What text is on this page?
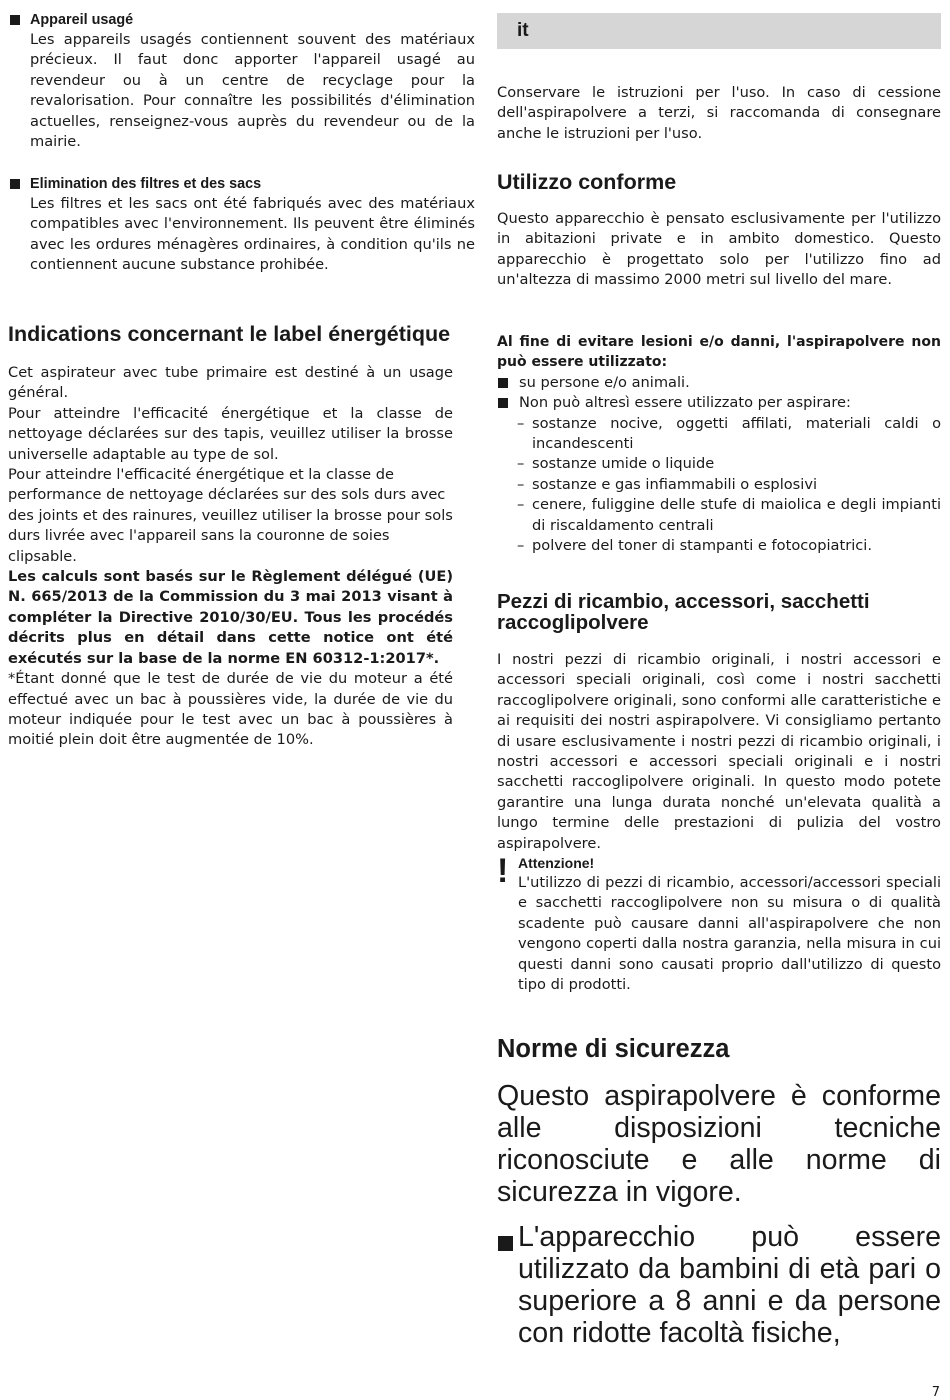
Appareil usagé

Les appareils usagés contiennent souvent des matériaux précieux. Il faut donc apporter l'appareil usagé au revendeur ou à un centre de recyclage pour la revalorisation. Pour connaître les possibilités d'élimination actuelles, renseignez-vous auprès du revendeur ou de la mairie.

Elimination des filtres et des sacs

Les filtres et les sacs ont été fabriqués avec des matériaux compatibles avec l'environnement. Ils peuvent être éliminés avec les ordures ménagères ordinaires, à condition qu'ils ne contiennent aucune substance prohibée.

Indications concernant le label énergétique

Cet aspirateur avec tube primaire est destiné à un usage général.

Pour atteindre l'efficacité énergétique et la classe de nettoyage déclarées sur des tapis, veuillez utiliser la brosse universelle adaptable au type de sol.

Pour atteindre l'efficacité énergétique et la classe de performance de nettoyage déclarées sur des sols durs avec des joints et des rainures, veuillez utiliser la brosse pour sols durs livrée avec l'appareil sans la couronne de soies clipsable.

Les calculs sont basés sur le Règlement délégué (UE) N. 665/2013 de la Commission du 3 mai 2013 visant à compléter la Directive 2010/30/EU. Tous les procédés décrits plus en détail dans cette notice ont été exécutés sur la base de la norme EN 60312-1:2017*.

*Étant donné que le test de durée de vie du moteur a été effectué avec un bac à poussières vide, la durée de vie du moteur indiquée pour le test avec un bac à poussières à moitié plein doit être augmentée de 10%.

it

Conservare le istruzioni per l'uso. In caso di cessione dell'aspirapolvere a terzi, si raccomanda di consegnare anche le istruzioni per l'uso.

Utilizzo conforme

Questo apparecchio è pensato esclusivamente per l'utilizzo in abitazioni private e in ambito domestico. Questo apparecchio è progettato solo per l'utilizzo fino ad un'altezza di massimo 2000 metri sul livello del mare.

Al fine di evitare lesioni e/o danni, l'aspirapolvere non può essere utilizzato:

su persone e/o animali.
Non può altresì essere utilizzato per aspirare:
– sostanze nocive, oggetti affilati, materiali caldi o incandescenti
– sostanze umide o liquide
– sostanze e gas infiammabili o esplosivi
– cenere, fuliggine delle stufe di maiolica e degli impianti di riscaldamento centrali
– polvere del toner di stampanti e fotocopiatrici.
Pezzi di ricambio, accessori, sacchetti raccoglipolvere

I nostri pezzi di ricambio originali, i nostri accessori e accessori speciali originali, così come i nostri sacchetti raccoglipolvere originali, sono conformi alle caratteristiche e ai requisiti dei nostri aspirapolvere. Vi consigliamo pertanto di usare esclusivamente i nostri pezzi di ricambio originali, i nostri accessori e accessori speciali originali e i nostri sacchetti raccoglipolvere originali. In questo modo potete garantire una lunga durata nonché un'elevata qualità a lungo termine delle prestazioni di pulizia del vostro aspirapolvere.

! Attenzione!

L'utilizzo di pezzi di ricambio, accessori/accessori speciali e sacchetti raccoglipolvere non su misura o di qualità scadente può causare danni all'aspirapolvere che non vengono coperti dalla nostra garanzia, nella misura in cui questi danni sono causati proprio dall'utilizzo di questo tipo di prodotti.

Norme di sicurezza

Questo aspirapolvere è conforme alle disposizioni tecniche riconosciute e alle norme di sicurezza in vigore.

L'apparecchio può essere utilizzato da bambini di età pari o superiore a 8 anni e da persone con ridotte facoltà fisiche,
7
